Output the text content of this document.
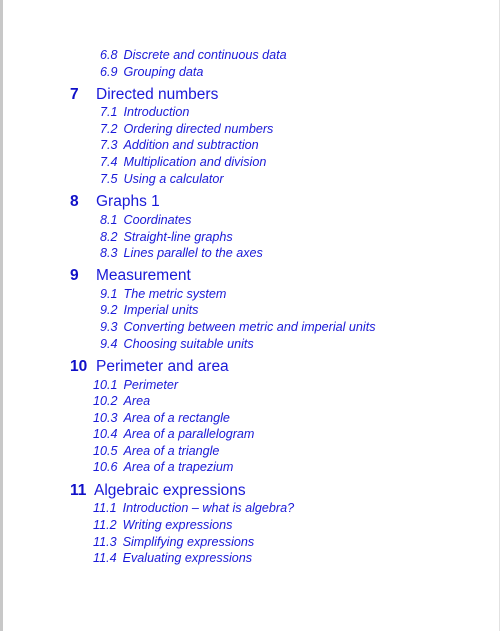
6.8 Discrete and continuous data
6.9 Grouping data
7 Directed numbers
7.1 Introduction
7.2 Ordering directed numbers
7.3 Addition and subtraction
7.4 Multiplication and division
7.5 Using a calculator
8 Graphs 1
8.1 Coordinates
8.2 Straight-line graphs
8.3 Lines parallel to the axes
9 Measurement
9.1 The metric system
9.2 Imperial units
9.3 Converting between metric and imperial units
9.4 Choosing suitable units
10 Perimeter and area
10.1 Perimeter
10.2 Area
10.3 Area of a rectangle
10.4 Area of a parallelogram
10.5 Area of a triangle
10.6 Area of a trapezium
11 Algebraic expressions
11.1 Introduction – what is algebra?
11.2 Writing expressions
11.3 Simplifying expressions
11.4 Evaluating expressions
